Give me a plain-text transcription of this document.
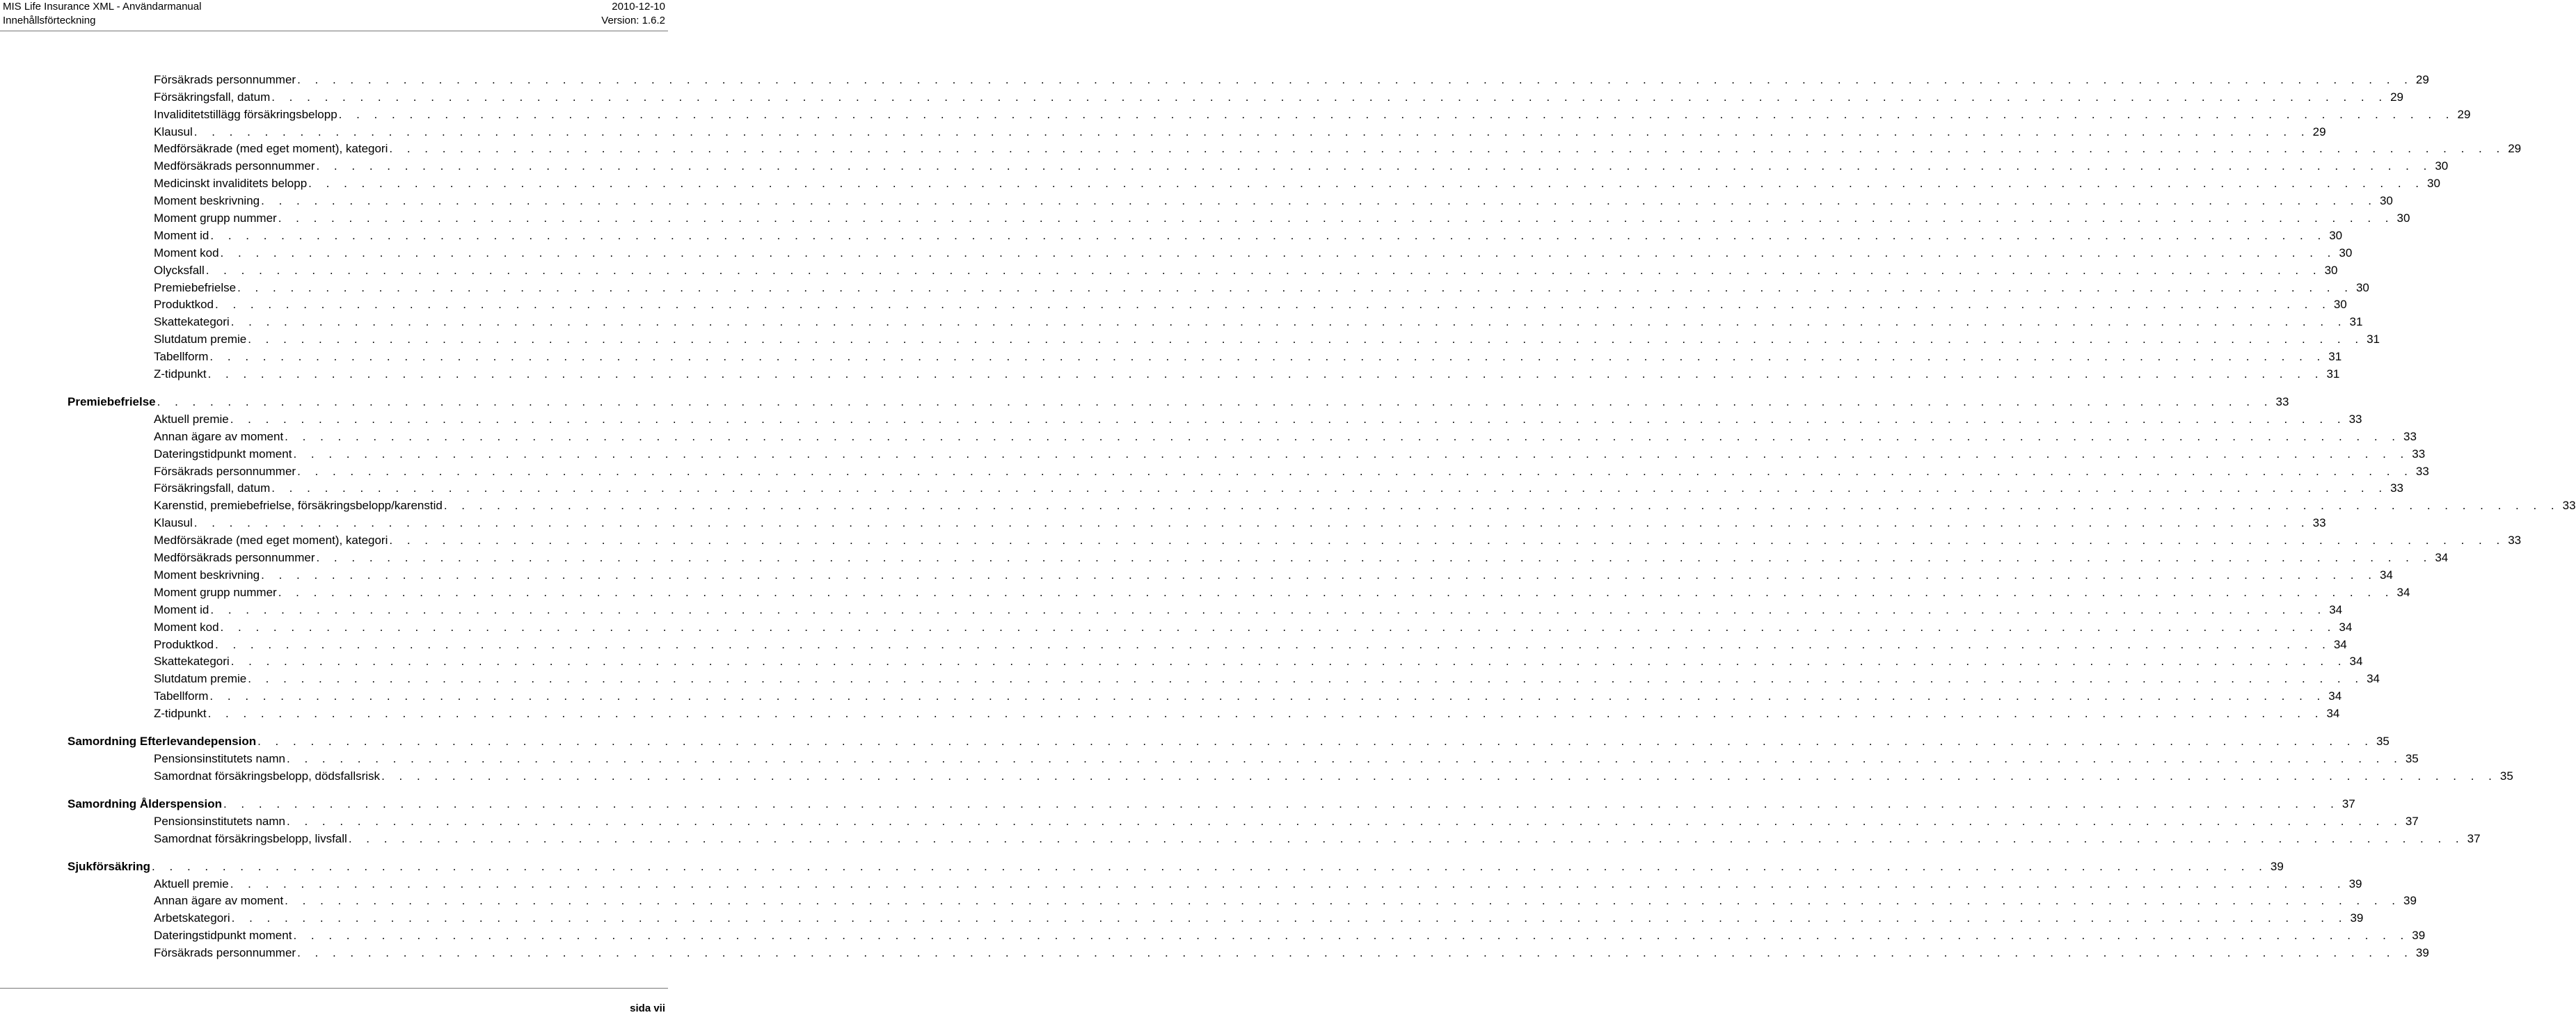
MIS Life Insurance XML - Användarmanual
Innehållsförteckning
2010-12-10
Version: 1.6.2
Försäkrads personnummer . . . . . . . . . . . . . . . . . . . . . . . . . . . . . . . . . . . . . . . . . . . . . . . . . . . . . . . . . . . . . . . . . . . . . . . . . . . . . . . . . . . . . . . . . . . . . . . . . . . . . . . . . . . . . . . . . . . . . . . . 29
Försäkringsfall, datum . . . . . . . . . . . . . . . . . . . . . . . . . . . . . . . . . . . . . . . . . . . . . . . . . . . . . . . . . . . . . . . . . . . . . . . . . . . . . . . . . . . . . . . . . . . . . . . . . . . . . . . . . . . . . . . . . . . . . . . . 29
Invaliditetstillägg försäkringsbelopp . . . . . . . . . . . . . . . . . . . . . . . . . . . . . . . . . . . . . . . . . . . . . . . . . . . . . . . . . . . . . . . . . . . . . . . . . . . . . . . . . . . . . . . . . . . . . . . . . . . . . . . . . . . . . . . . . . . . . . . . 29
Klausul . . . . . . . . . . . . . . . . . . . . . . . . . . . . . . . . . . . . . . . . . . . . . . . . . . . . . . . . . . . . . . . . . . . . . . . . . . . . . . . . . . . . . . . . . . . . . . . . . . . . . . . . . . . . . . . . . . . . . . . . 29
Medförsäkrade (med eget moment), kategori . . . . . . . . . . . . . . . . . . . . . . . . . . . . . . . . . . . . . . . . . . . . . . . . . . . . . . . . . . . . . . . . . . . . . . . . . . . . . . . . . . . . . . . . . . . . . . . . . . . . . . . . . . . . . . . . . . . . . . . . 29
Medförsäkrads personnummer . . . . . . . . . . . . . . . . . . . . . . . . . . . . . . . . . . . . . . . . . . . . . . . . . . . . . . . . . . . . . . . . . . . . . . . . . . . . . . . . . . . . . . . . . . . . . . . . . . . . . . . . . . . . . . . . . . . . . . . . 30
Medicinskt invaliditets belopp . . . . . . . . . . . . . . . . . . . . . . . . . . . . . . . . . . . . . . . . . . . . . . . . . . . . . . . . . . . . . . . . . . . . . . . . . . . . . . . . . . . . . . . . . . . . . . . . . . . . . . . . . . . . . . . . . . . . . . . . 30
Moment beskrivning . . . . . . . . . . . . . . . . . . . . . . . . . . . . . . . . . . . . . . . . . . . . . . . . . . . . . . . . . . . . . . . . . . . . . . . . . . . . . . . . . . . . . . . . . . . . . . . . . . . . . . . . . . . . . . . . . . . . . . . . 30
Moment grupp nummer . . . . . . . . . . . . . . . . . . . . . . . . . . . . . . . . . . . . . . . . . . . . . . . . . . . . . . . . . . . . . . . . . . . . . . . . . . . . . . . . . . . . . . . . . . . . . . . . . . . . . . . . . . . . . . . . . . . . . . . . 30
Moment id . . . . . . . . . . . . . . . . . . . . . . . . . . . . . . . . . . . . . . . . . . . . . . . . . . . . . . . . . . . . . . . . . . . . . . . . . . . . . . . . . . . . . . . . . . . . . . . . . . . . . . . . . . . . . . . . . . . . . . . . 30
Moment kod . . . . . . . . . . . . . . . . . . . . . . . . . . . . . . . . . . . . . . . . . . . . . . . . . . . . . . . . . . . . . . . . . . . . . . . . . . . . . . . . . . . . . . . . . . . . . . . . . . . . . . . . . . . . . . . . . . . . . . . . 30
Olycksfall . . . . . . . . . . . . . . . . . . . . . . . . . . . . . . . . . . . . . . . . . . . . . . . . . . . . . . . . . . . . . . . . . . . . . . . . . . . . . . . . . . . . . . . . . . . . . . . . . . . . . . . . . . . . . . . . . . . . . . . . 30
Premiebefrielse . . . . . . . . . . . . . . . . . . . . . . . . . . . . . . . . . . . . . . . . . . . . . . . . . . . . . . . . . . . . . . . . . . . . . . . . . . . . . . . . . . . . . . . . . . . . . . . . . . . . . . . . . . . . . . . . . . . . . . . . 30
Produktkod . . . . . . . . . . . . . . . . . . . . . . . . . . . . . . . . . . . . . . . . . . . . . . . . . . . . . . . . . . . . . . . . . . . . . . . . . . . . . . . . . . . . . . . . . . . . . . . . . . . . . . . . . . . . . . . . . . . . . . . . 30
Skattekategori . . . . . . . . . . . . . . . . . . . . . . . . . . . . . . . . . . . . . . . . . . . . . . . . . . . . . . . . . . . . . . . . . . . . . . . . . . . . . . . . . . . . . . . . . . . . . . . . . . . . . . . . . . . . . . . . . . . . . . . . 31
Slutdatum premie . . . . . . . . . . . . . . . . . . . . . . . . . . . . . . . . . . . . . . . . . . . . . . . . . . . . . . . . . . . . . . . . . . . . . . . . . . . . . . . . . . . . . . . . . . . . . . . . . . . . . . . . . . . . . . . . . . . . . . . . 31
Tabellform . . . . . . . . . . . . . . . . . . . . . . . . . . . . . . . . . . . . . . . . . . . . . . . . . . . . . . . . . . . . . . . . . . . . . . . . . . . . . . . . . . . . . . . . . . . . . . . . . . . . . . . . . . . . . . . . . . . . . . . . 31
Z-tidpunkt . . . . . . . . . . . . . . . . . . . . . . . . . . . . . . . . . . . . . . . . . . . . . . . . . . . . . . . . . . . . . . . . . . . . . . . . . . . . . . . . . . . . . . . . . . . . . . . . . . . . . . . . . . . . . . . . . . . . . . . . 31
Premiebefrielse . . . . . . . . . . . . . . . . . . . . . . . . . . . . . . . . . . . . . . . . . . . . . . . . . . . . . . . . . . . . . . . . . . . . . . . . . . . . . . . . . . . . . . . . . . . . . . . . . . . . . . . . . . . . . . . . . . . . . . . . 33
Aktuell premie . . . . . . . . . . . . . . . . . . . . . . . . . . . . . . . . . . . . . . . . . . . . . . . . . . . . . . . . . . . . . . . . . . . . . . . . . . . . . . . . . . . . . . . . . . . . . . . . . . . . . . . . . . . . . . . . . . . . . . . . 33
Annan ägare av moment . . . . . . . . . . . . . . . . . . . . . . . . . . . . . . . . . . . . . . . . . . . . . . . . . . . . . . . . . . . . . . . . . . . . . . . . . . . . . . . . . . . . . . . . . . . . . . . . . . . . . . . . . . . . . . . . . . . . . . . . 33
Dateringstidpunkt moment . . . . . . . . . . . . . . . . . . . . . . . . . . . . . . . . . . . . . . . . . . . . . . . . . . . . . . . . . . . . . . . . . . . . . . . . . . . . . . . . . . . . . . . . . . . . . . . . . . . . . . . . . . . . . . . . . . . . . . . . 33
Försäkrads personnummer . . . . . . . . . . . . . . . . . . . . . . . . . . . . . . . . . . . . . . . . . . . . . . . . . . . . . . . . . . . . . . . . . . . . . . . . . . . . . . . . . . . . . . . . . . . . . . . . . . . . . . . . . . . . . . . . . . . . . . . . 33
Försäkringsfall, datum . . . . . . . . . . . . . . . . . . . . . . . . . . . . . . . . . . . . . . . . . . . . . . . . . . . . . . . . . . . . . . . . . . . . . . . . . . . . . . . . . . . . . . . . . . . . . . . . . . . . . . . . . . . . . . . . . . . . . . . . 33
Karenstid, premiebefrielse, försäkringsbelopp/karenstid . . . . . . . . . . . . . . . . . . . . . . . . . . . . . . . . . . . . . . . . . . . . . . . . . . . . . . . . . . . . . . . . . . . . . . . . . . . . . . . . . . . . . . . . . . . . . . . . . . . . . . . . . . . . . . . . . . . . . . . . 33
Klausul . . . . . . . . . . . . . . . . . . . . . . . . . . . . . . . . . . . . . . . . . . . . . . . . . . . . . . . . . . . . . . . . . . . . . . . . . . . . . . . . . . . . . . . . . . . . . . . . . . . . . . . . . . . . . . . . . . . . . . . . 33
Medförsäkrade (med eget moment), kategori . . . . . . . . . . . . . . . . . . . . . . . . . . . . . . . . . . . . . . . . . . . . . . . . . . . . . . . . . . . . . . . . . . . . . . . . . . . . . . . . . . . . . . . . . . . . . . . . . . . . . . . . . . . . . . . . . . . . . . . . 33
Medförsäkrads personnummer . . . . . . . . . . . . . . . . . . . . . . . . . . . . . . . . . . . . . . . . . . . . . . . . . . . . . . . . . . . . . . . . . . . . . . . . . . . . . . . . . . . . . . . . . . . . . . . . . . . . . . . . . . . . . . . . . . . . . . . . 34
Moment beskrivning . . . . . . . . . . . . . . . . . . . . . . . . . . . . . . . . . . . . . . . . . . . . . . . . . . . . . . . . . . . . . . . . . . . . . . . . . . . . . . . . . . . . . . . . . . . . . . . . . . . . . . . . . . . . . . . . . . . . . . . . 34
Moment grupp nummer . . . . . . . . . . . . . . . . . . . . . . . . . . . . . . . . . . . . . . . . . . . . . . . . . . . . . . . . . . . . . . . . . . . . . . . . . . . . . . . . . . . . . . . . . . . . . . . . . . . . . . . . . . . . . . . . . . . . . . . . 34
Moment id . . . . . . . . . . . . . . . . . . . . . . . . . . . . . . . . . . . . . . . . . . . . . . . . . . . . . . . . . . . . . . . . . . . . . . . . . . . . . . . . . . . . . . . . . . . . . . . . . . . . . . . . . . . . . . . . . . . . . . . . 34
Moment kod . . . . . . . . . . . . . . . . . . . . . . . . . . . . . . . . . . . . . . . . . . . . . . . . . . . . . . . . . . . . . . . . . . . . . . . . . . . . . . . . . . . . . . . . . . . . . . . . . . . . . . . . . . . . . . . . . . . . . . . . 34
Produktkod . . . . . . . . . . . . . . . . . . . . . . . . . . . . . . . . . . . . . . . . . . . . . . . . . . . . . . . . . . . . . . . . . . . . . . . . . . . . . . . . . . . . . . . . . . . . . . . . . . . . . . . . . . . . . . . . . . . . . . . . 34
Skattekategori . . . . . . . . . . . . . . . . . . . . . . . . . . . . . . . . . . . . . . . . . . . . . . . . . . . . . . . . . . . . . . . . . . . . . . . . . . . . . . . . . . . . . . . . . . . . . . . . . . . . . . . . . . . . . . . . . . . . . . . . 34
Slutdatum premie . . . . . . . . . . . . . . . . . . . . . . . . . . . . . . . . . . . . . . . . . . . . . . . . . . . . . . . . . . . . . . . . . . . . . . . . . . . . . . . . . . . . . . . . . . . . . . . . . . . . . . . . . . . . . . . . . . . . . . . . 34
Tabellform . . . . . . . . . . . . . . . . . . . . . . . . . . . . . . . . . . . . . . . . . . . . . . . . . . . . . . . . . . . . . . . . . . . . . . . . . . . . . . . . . . . . . . . . . . . . . . . . . . . . . . . . . . . . . . . . . . . . . . . . 34
Z-tidpunkt . . . . . . . . . . . . . . . . . . . . . . . . . . . . . . . . . . . . . . . . . . . . . . . . . . . . . . . . . . . . . . . . . . . . . . . . . . . . . . . . . . . . . . . . . . . . . . . . . . . . . . . . . . . . . . . . . . . . . . . . 34
Samordning Efterlevandepension . . . . . . . . . . . . . . . . . . . . . . . . . . . . . . . . . . . . . . . . . . . . . . . . . . . . . . . . . . . . . . . . . . . . . . . . . . . . . . . . . . . . . . . . . . . . . . . . . . . . . . . . . . . . . . . . . . . . . . . . 35
Pensionsinstitutets namn . . . . . . . . . . . . . . . . . . . . . . . . . . . . . . . . . . . . . . . . . . . . . . . . . . . . . . . . . . . . . . . . . . . . . . . . . . . . . . . . . . . . . . . . . . . . . . . . . . . . . . . . . . . . . . . . . . . . . . . . 35
Samordnat försäkringsbelopp, dödsfallsrisk . . . . . . . . . . . . . . . . . . . . . . . . . . . . . . . . . . . . . . . . . . . . . . . . . . . . . . . . . . . . . . . . . . . . . . . . . . . . . . . . . . . . . . . . . . . . . . . . . . . . . . . . . . . . . . . . . . . . . . . . 35
Samordning Ålderspension . . . . . . . . . . . . . . . . . . . . . . . . . . . . . . . . . . . . . . . . . . . . . . . . . . . . . . . . . . . . . . . . . . . . . . . . . . . . . . . . . . . . . . . . . . . . . . . . . . . . . . . . . . . . . . . . . . . . . . . . 37
Pensionsinstitutets namn . . . . . . . . . . . . . . . . . . . . . . . . . . . . . . . . . . . . . . . . . . . . . . . . . . . . . . . . . . . . . . . . . . . . . . . . . . . . . . . . . . . . . . . . . . . . . . . . . . . . . . . . . . . . . . . . . . . . . . . . 37
Samordnat försäkringsbelopp, livsfall . . . . . . . . . . . . . . . . . . . . . . . . . . . . . . . . . . . . . . . . . . . . . . . . . . . . . . . . . . . . . . . . . . . . . . . . . . . . . . . . . . . . . . . . . . . . . . . . . . . . . . . . . . . . . . . . . . . . . . . . 37
Sjukförsäkring . . . . . . . . . . . . . . . . . . . . . . . . . . . . . . . . . . . . . . . . . . . . . . . . . . . . . . . . . . . . . . . . . . . . . . . . . . . . . . . . . . . . . . . . . . . . . . . . . . . . . . . . . . . . . . . . . . . . . . . . 39
Aktuell premie . . . . . . . . . . . . . . . . . . . . . . . . . . . . . . . . . . . . . . . . . . . . . . . . . . . . . . . . . . . . . . . . . . . . . . . . . . . . . . . . . . . . . . . . . . . . . . . . . . . . . . . . . . . . . . . . . . . . . . . . 39
Annan ägare av moment . . . . . . . . . . . . . . . . . . . . . . . . . . . . . . . . . . . . . . . . . . . . . . . . . . . . . . . . . . . . . . . . . . . . . . . . . . . . . . . . . . . . . . . . . . . . . . . . . . . . . . . . . . . . . . . . . . . . . . . . 39
Arbetskategori . . . . . . . . . . . . . . . . . . . . . . . . . . . . . . . . . . . . . . . . . . . . . . . . . . . . . . . . . . . . . . . . . . . . . . . . . . . . . . . . . . . . . . . . . . . . . . . . . . . . . . . . . . . . . . . . . . . . . . . . 39
Dateringstidpunkt moment . . . . . . . . . . . . . . . . . . . . . . . . . . . . . . . . . . . . . . . . . . . . . . . . . . . . . . . . . . . . . . . . . . . . . . . . . . . . . . . . . . . . . . . . . . . . . . . . . . . . . . . . . . . . . . . . . . . . . . . . 39
Försäkrads personnummer . . . . . . . . . . . . . . . . . . . . . . . . . . . . . . . . . . . . . . . . . . . . . . . . . . . . . . . . . . . . . . . . . . . . . . . . . . . . . . . . . . . . . . . . . . . . . . . . . . . . . . . . . . . . . . . . . . . . . . . . 39
sida vii
